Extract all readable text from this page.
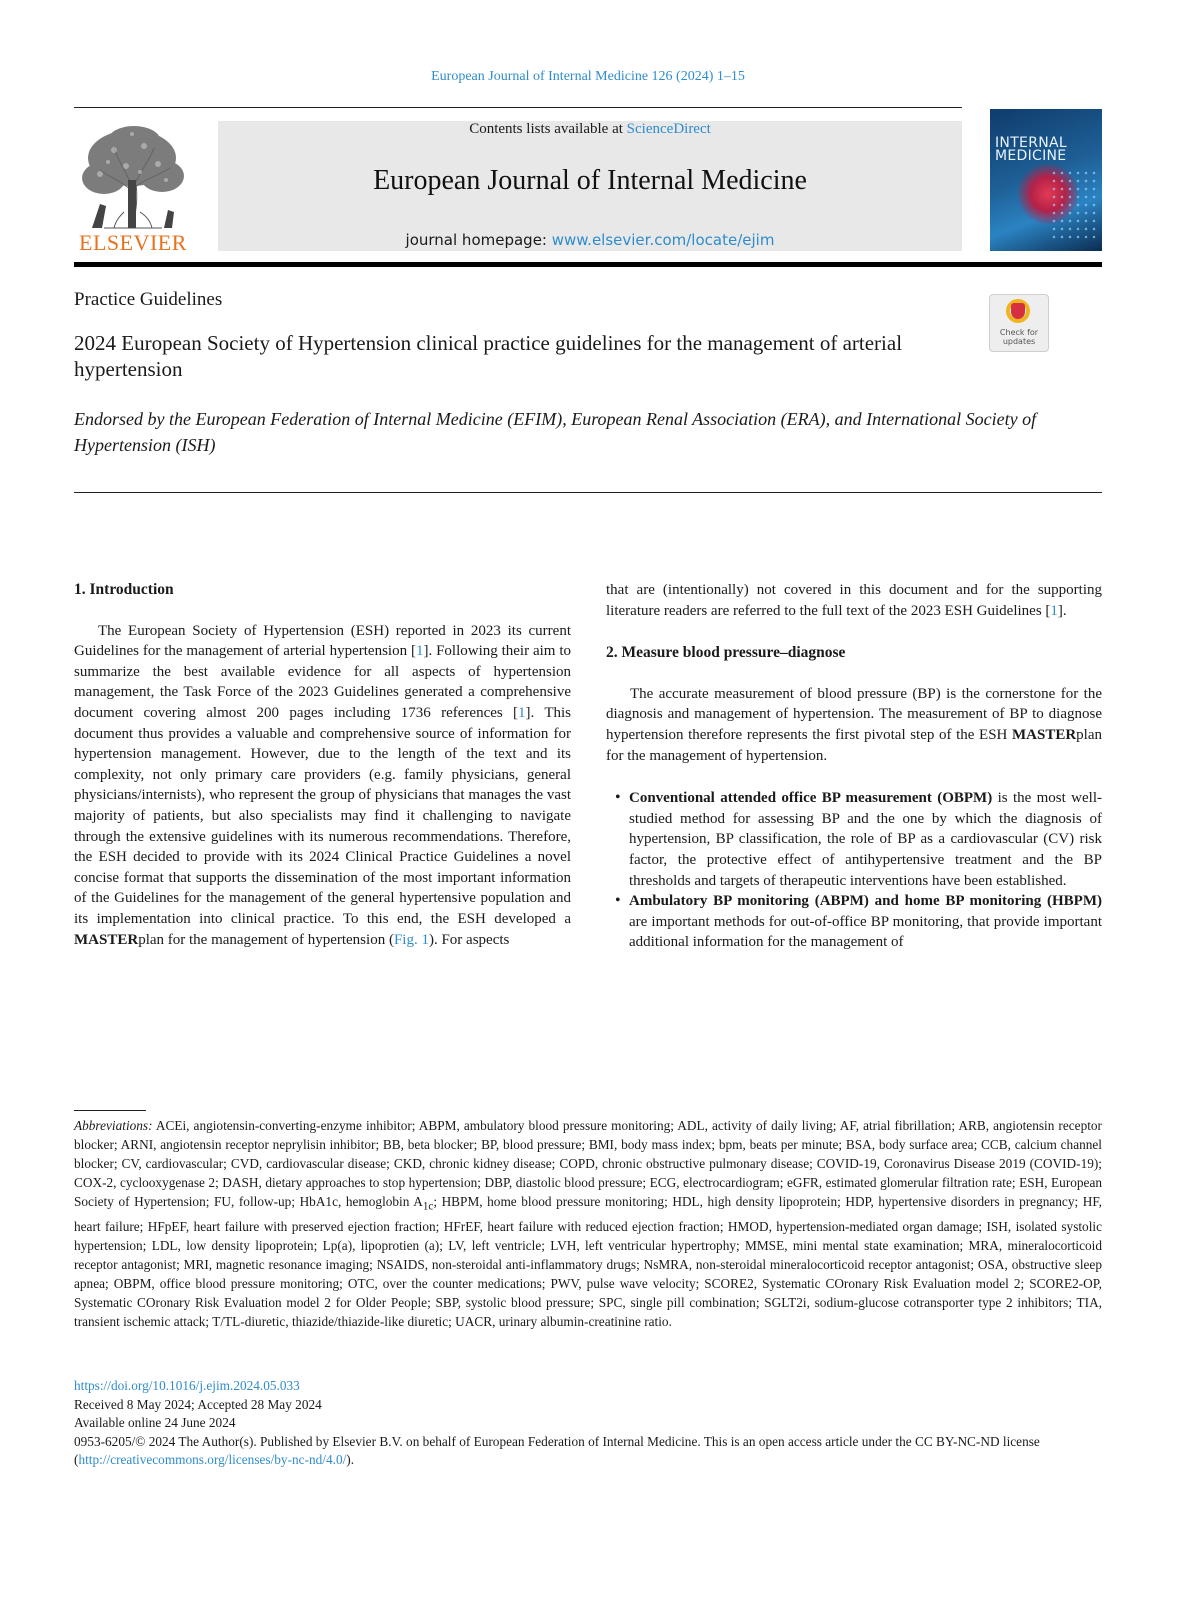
European Journal of Internal Medicine 126 (2024) 1–15
ELSEVIER
Contents lists available at ScienceDirect
European Journal of Internal Medicine
journal homepage: www.elsevier.com/locate/ejim
INTERNAL
MEDICINE
Practice Guidelines
2024 European Society of Hypertension clinical practice guidelines for the management of arterial hypertension
Check for
updates
Endorsed by the European Federation of Internal Medicine (EFIM), European Renal Association (ERA), and International Society of Hypertension (ISH)

1. Introduction

The European Society of Hypertension (ESH) reported in 2023 its current Guidelines for the management of arterial hypertension [1]. Following their aim to summarize the best available evidence for all aspects of hypertension management, the Task Force of the 2023 Guidelines generated a comprehensive document covering almost 200 pages including 1736 references [1]. This document thus provides a valuable and comprehensive source of information for hypertension management. However, due to the length of the text and its complexity, not only primary care providers (e.g. family physicians, general physicians/internists), who represent the group of physicians that manages the vast majority of patients, but also specialists may find it challenging to navigate through the extensive guidelines with its numerous recommendations. Therefore, the ESH decided to provide with its 2024 Clinical Practice Guidelines a novel concise format that supports the dissemination of the most important information of the Guidelines for the management of the general hypertensive population and its implementation into clinical practice. To this end, the ESH developed a MASTERplan for the management of hypertension (Fig. 1). For aspects

that are (intentionally) not covered in this document and for the supporting literature readers are referred to the full text of the 2023 ESH Guidelines [1].

2. Measure blood pressure–diagnose

The accurate measurement of blood pressure (BP) is the cornerstone for the diagnosis and management of hypertension. The measurement of BP to diagnose hypertension therefore represents the first pivotal step of the ESH MASTERplan for the management of hypertension.

• Conventional attended office BP measurement (OBPM) is the most well-studied method for assessing BP and the one by which the diagnosis of hypertension, BP classification, the role of BP as a cardiovascular (CV) risk factor, the protective effect of antihypertensive treatment and the BP thresholds and targets of therapeutic interventions have been established.
• Ambulatory BP monitoring (ABPM) and home BP monitoring (HBPM) are important methods for out-of-office BP monitoring, that provide important additional information for the management of
Abbreviations: ACEi, angiotensin-converting-enzyme inhibitor; ABPM, ambulatory blood pressure monitoring; ADL, activity of daily living; AF, atrial fibrillation; ARB, angiotensin receptor blocker; ARNI, angiotensin receptor neprylisin inhibitor; BB, beta blocker; BP, blood pressure; BMI, body mass index; bpm, beats per minute; BSA, body surface area; CCB, calcium channel blocker; CV, cardiovascular; CVD, cardiovascular disease; CKD, chronic kidney disease; COPD, chronic obstructive pulmonary disease; COVID-19, Coronavirus Disease 2019 (COVID-19); COX-2, cyclooxygenase 2; DASH, dietary approaches to stop hypertension; DBP, diastolic blood pressure; ECG, electrocardiogram; eGFR, estimated glomerular filtration rate; ESH, European Society of Hypertension; FU, follow-up; HbA1c, hemoglobin $A_{1c}$; HBPM, home blood pressure monitoring; HDL, high density lipoprotein; HDP, hypertensive disorders in pregnancy; HF, heart failure; HFpEF, heart failure with preserved ejection fraction; HFrEF, heart failure with reduced ejection fraction; HMOD, hypertension-mediated organ damage; ISH, isolated systolic hypertension; LDL, low density lipoprotein; Lp(a), lipoprotien (a); LV, left ventricle; LVH, left ventricular hypertrophy; MMSE, mini mental state examination; MRA, mineralocorticoid receptor antagonist; MRI, magnetic resonance imaging; NSAIDS, non-steroidal anti-inflammatory drugs; NsMRA, non-steroidal mineralocorticoid receptor antagonist; OSA, obstructive sleep apnea; OBPM, office blood pressure monitoring; OTC, over the counter medications; PWV, pulse wave velocity; SCORE2, Systematic COronary Risk Evaluation model 2; SCORE2-OP, Systematic COronary Risk Evaluation model 2 for Older People; SBP, systolic blood pressure; SPC, single pill combination; SGLT2i, sodium-glucose cotransporter type 2 inhibitors; TIA, transient ischemic attack; T/TL-diuretic, thiazide/thiazide-like diuretic; UACR, urinary albumin-creatinine ratio.
https://doi.org/10.1016/j.ejim.2024.05.033
Received 8 May 2024; Accepted 28 May 2024
Available online 24 June 2024
0953-6205/© 2024 The Author(s). Published by Elsevier B.V. on behalf of European Federation of Internal Medicine. This is an open access article under the CC BY-NC-ND license (http://creativecommons.org/licenses/by-nc-nd/4.0/).
